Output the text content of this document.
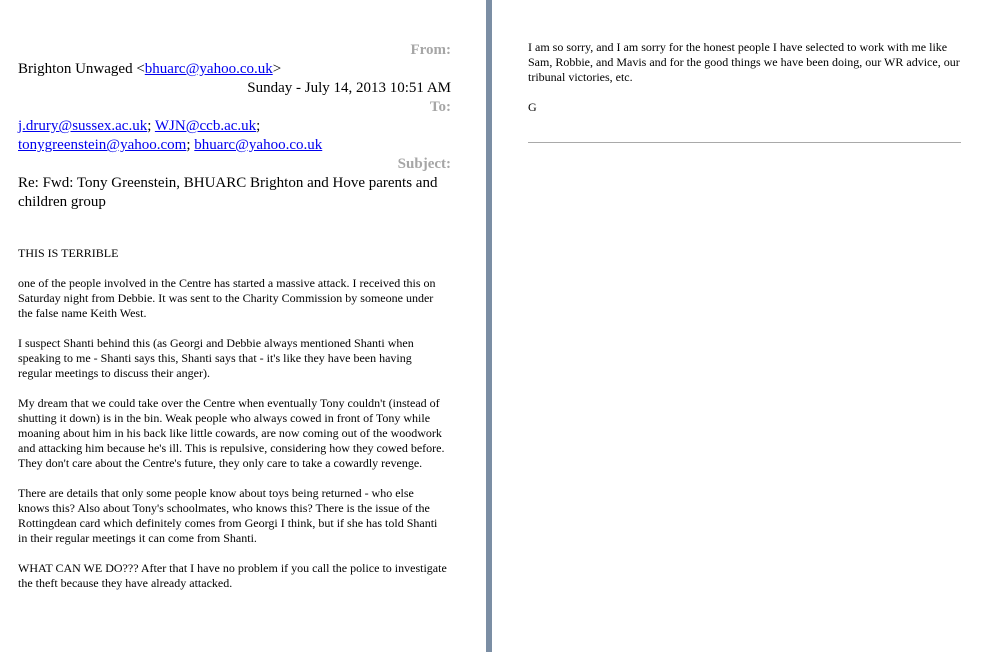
From:
Brighton Unwaged <bhuarc@yahoo.co.uk>
Sunday - July 14, 2013 10:51 AM
To:
j.drury@sussex.ac.uk; WJN@ccb.ac.uk;
tonygreenstein@yahoo.com; bhuarc@yahoo.co.uk
Subject:
Re: Fwd: Tony Greenstein, BHUARC Brighton and Hove parents and children group

THIS IS TERRIBLE

one of the people involved in the Centre has started a massive attack. I received this on Saturday night from Debbie. It was sent to the Charity Commission by someone under the false name Keith West.

I suspect Shanti behind this (as Georgi and Debbie always mentioned Shanti when speaking to me - Shanti says this, Shanti says that - it's like they have been having regular meetings to discuss their anger).

My dream that we could take over the Centre when eventually Tony couldn't (instead of shutting it down) is in the bin. Weak people who always cowed in front of Tony while moaning about him in his back like little cowards, are now coming out of the woodwork and attacking him because he's ill. This is repulsive, considering how they cowed before. They don't care about the Centre's future, they only care to take a cowardly revenge.

There are details that only some people know about toys being returned - who else knows this? Also about Tony's schoolmates, who knows this? There is the issue of the Rottingdean card which definitely comes from Georgi I think, but if she has told Shanti in their regular meetings it can come from Shanti.

WHAT CAN WE DO??? After that I have no problem if you call the police to investigate the theft because they have already attacked.

I am so sorry, and I am sorry for the honest people I have selected to work with me like Sam, Robbie, and Mavis and for the good things we have been doing, our WR advice, our tribunal victories, etc.

G
